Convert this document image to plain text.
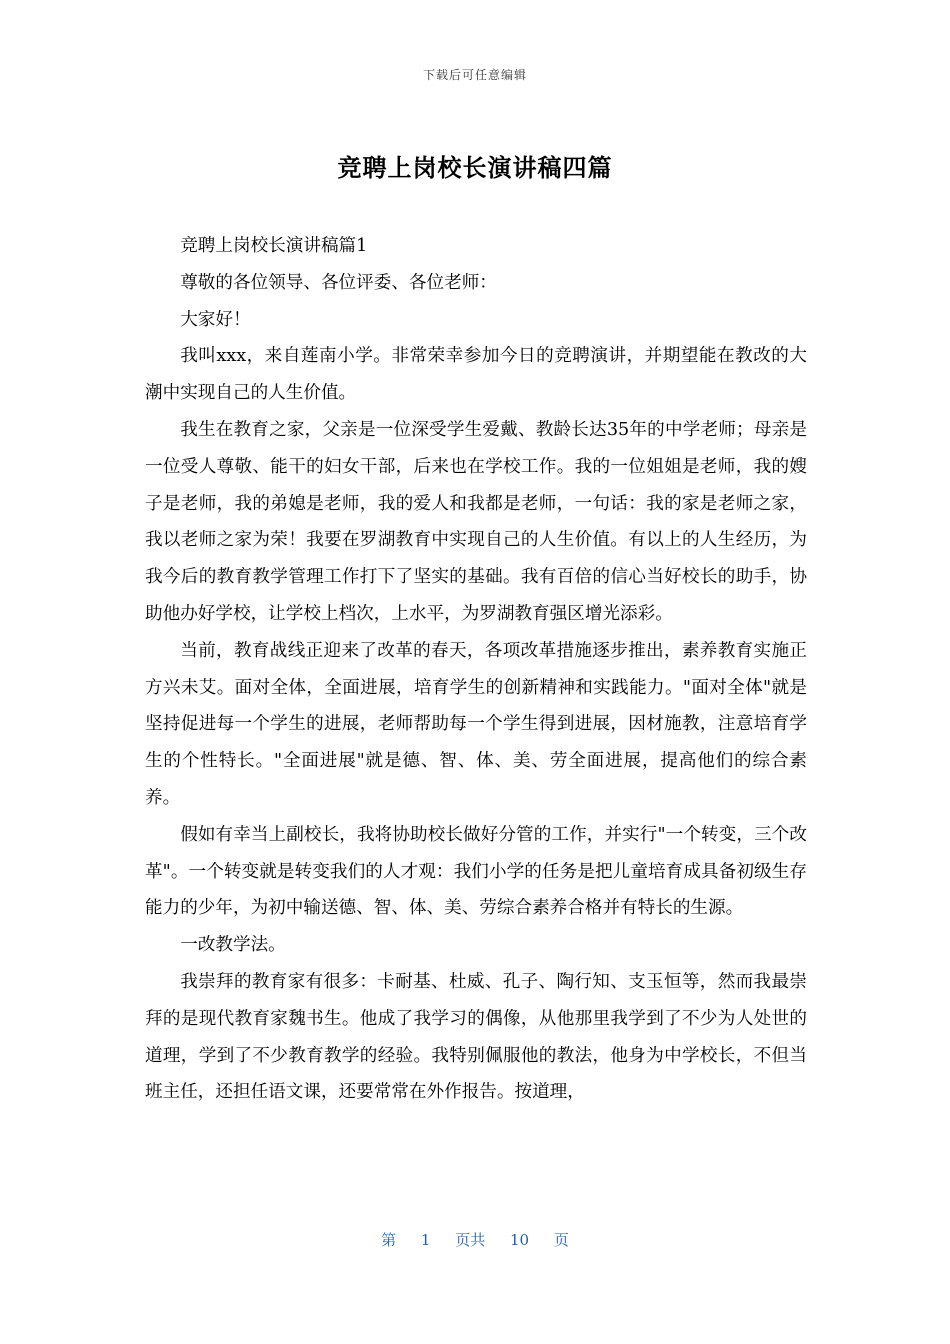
下载后可任意编辑
竞聘上岗校长演讲稿四篇

竞聘上岗校长演讲稿篇1

尊敬的各位领导、各位评委、各位老师：

大家好！

我叫xxx，来自莲南小学。非常荣幸参加今日的竞聘演讲，并期望能在教改的大潮中实现自己的人生价值。

我生在教育之家，父亲是一位深受学生爱戴、教龄长达35年的中学老师；母亲是一位受人尊敬、能干的妇女干部，后来也在学校工作。我的一位姐姐是老师，我的嫂子是老师，我的弟媳是老师，我的爱人和我都是老师，一句话：我的家是老师之家，我以老师之家为荣！我要在罗湖教育中实现自己的人生价值。有以上的人生经历，为我今后的教育教学管理工作打下了坚实的基础。我有百倍的信心当好校长的助手，协助他办好学校，让学校上档次，上水平，为罗湖教育强区增光添彩。

当前，教育战线正迎来了改革的春天，各项改革措施逐步推出，素养教育实施正方兴未艾。面对全体，全面进展，培育学生的创新精神和实践能力。"面对全体"就是坚持促进每一个学生的进展，老师帮助每一个学生得到进展，因材施教，注意培育学生的个性特长。"全面进展"就是德、智、体、美、劳全面进展，提高他们的综合素养。

假如有幸当上副校长，我将协助校长做好分管的工作，并实行"一个转变，三个改革"。一个转变就是转变我们的人才观：我们小学的任务是把儿童培育成具备初级生存能力的少年，为初中输送德、智、体、美、劳综合素养合格并有特长的生源。

一改教学法。

我崇拜的教育家有很多：卡耐基、杜威、孔子、陶行知、支玉恒等，然而我最崇拜的是现代教育家魏书生。他成了我学习的偶像，从他那里我学到了不少为人处世的道理，学到了不少教育教学的经验。我特别佩服他的教法，他身为中学校长，不但当班主任，还担任语文课，还要常常在外作报告。按道理，

第 1 页共 10 页
